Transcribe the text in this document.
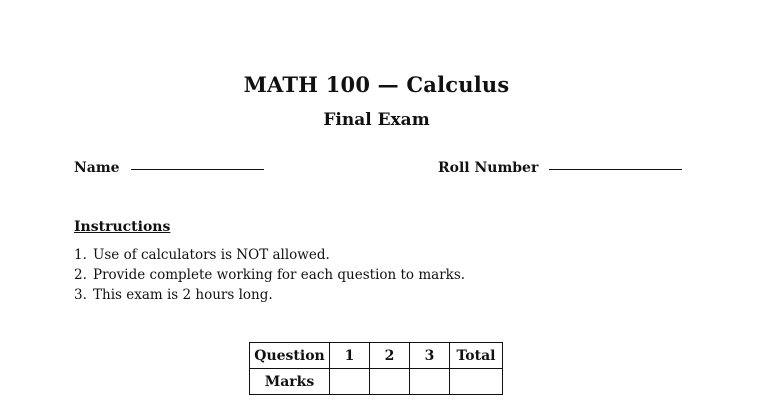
MATH 100 — Calculus
Final Exam
Name	Roll Number
Instructions
1. Use of calculators is NOT allowed.
2. Provide complete working for each question to marks.
3. This exam is 2 hours long.
Question	1	2	3	Total
Marks				
